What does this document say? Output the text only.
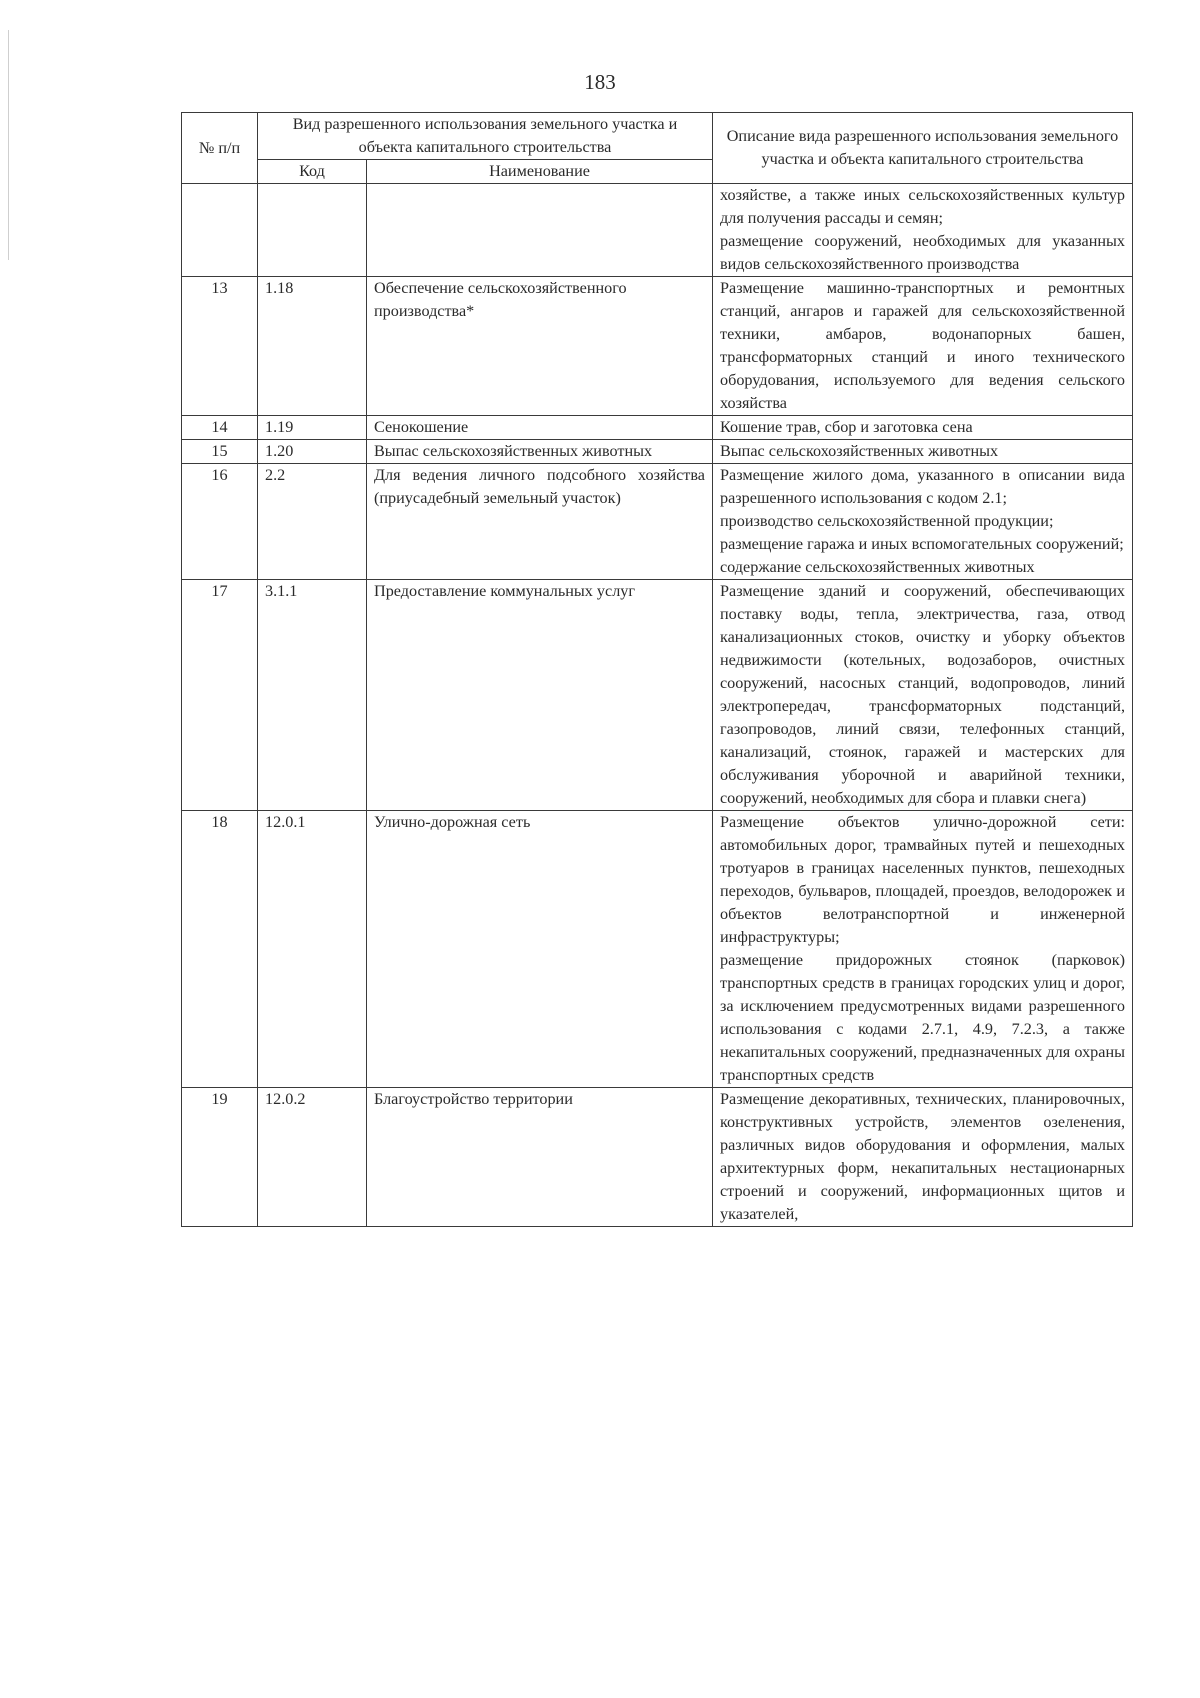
183
№ п/п	Вид разрешенного использования земельного участка и объекта капитального строительства		Описание вида разрешенного использования земельного участка и объекта капитального строительства
	Код	Наименование	

			хозяйстве, а также иных сельскохозяйственных культур для получения рассады и семян;
размещение сооружений, необходимых для указанных видов сельскохозяйственного производства

13	1.18	Обеспечение сельскохозяйственного производства*	Размещение машинно-транспортных и ремонтных станций, ангаров и гаражей для сельскохозяйственной техники, амбаров, водонапорных башен, трансформаторных станций и иного технического оборудования, используемого для ведения сельского хозяйства

14	1.19	Сенокошение	Кошение трав, сбор и заготовка сена

15	1.20	Выпас сельскохозяйственных животных	Выпас сельскохозяйственных животных

16	2.2	Для ведения личного подсобного хозяйства (приусадебный земельный участок)	Размещение жилого дома, указанного в описании вида разрешенного использования с кодом 2.1;
производство сельскохозяйственной продукции;
размещение гаража и иных вспомогательных сооружений;
содержание сельскохозяйственных животных

17	3.1.1	Предоставление коммунальных услуг	Размещение зданий и сооружений, обеспечивающих поставку воды, тепла, электричества, газа, отвод канализационных стоков, очистку и уборку объектов недвижимости (котельных, водозаборов, очистных сооружений, насосных станций, водопроводов, линий электропередач, трансформаторных подстанций, газопроводов, линий связи, телефонных станций, канализаций, стоянок, гаражей и мастерских для обслуживания уборочной и аварийной техники, сооружений, необходимых для сбора и плавки снега)

18	12.0.1	Улично-дорожная сеть	Размещение объектов улично-дорожной сети: автомобильных дорог, трамвайных путей и пешеходных тротуаров в границах населенных пунктов, пешеходных переходов, бульваров, площадей, проездов, велодорожек и объектов велотранспортной и инженерной инфраструктуры;
размещение придорожных стоянок (парковок) транспортных средств в границах городских улиц и дорог, за исключением предусмотренных видами разрешенного использования с кодами 2.7.1, 4.9, 7.2.3, а также некапитальных сооружений, предназначенных для охраны транспортных средств

19	12.0.2	Благоустройство территории	Размещение декоративных, технических, планировочных, конструктивных устройств, элементов озеленения, различных видов оборудования и оформления, малых архитектурных форм, некапитальных нестационарных строений и сооружений, информационных щитов и указателей,
